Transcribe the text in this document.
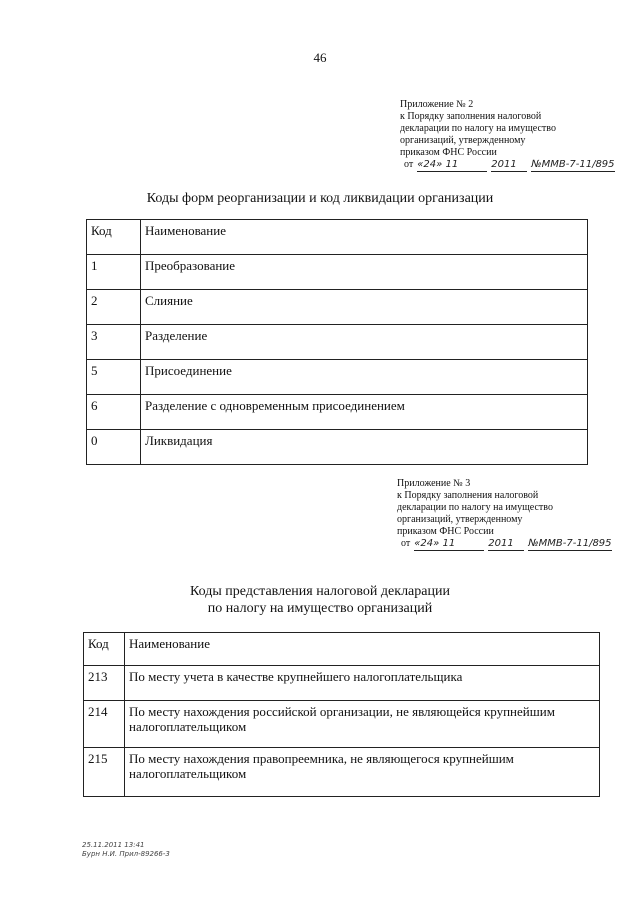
46
Приложение № 2
к Порядку заполнения налоговой
декларации по налогу на имущество
организаций, утвержденному
приказом ФНС России
от «24» 11	2011	№ММВ-7-11/895
Коды форм реорганизации и код ликвидации организации
Код	Наименование
1	Преобразование
2	Слияние
3	Разделение
5	Присоединение
6	Разделение с одновременным присоединением
0	Ликвидация
Приложение № 3
к Порядку заполнения налоговой
декларации по налогу на имущество
организаций, утвержденному
приказом ФНС России
от «24» 11	2011	№ММВ-7-11/895
Коды представления налоговой декларации
по налогу на имущество организаций
Код	Наименование
213	По месту учета в качестве крупнейшего налогоплательщика
214	По месту нахождения российской организации, не являющейся крупнейшим налогоплательщиком
215	По месту нахождения правопреемника, не являющегося крупнейшим налогоплательщиком
25.11.2011 13:41
Бурн Н.И. Прил-89266-3
